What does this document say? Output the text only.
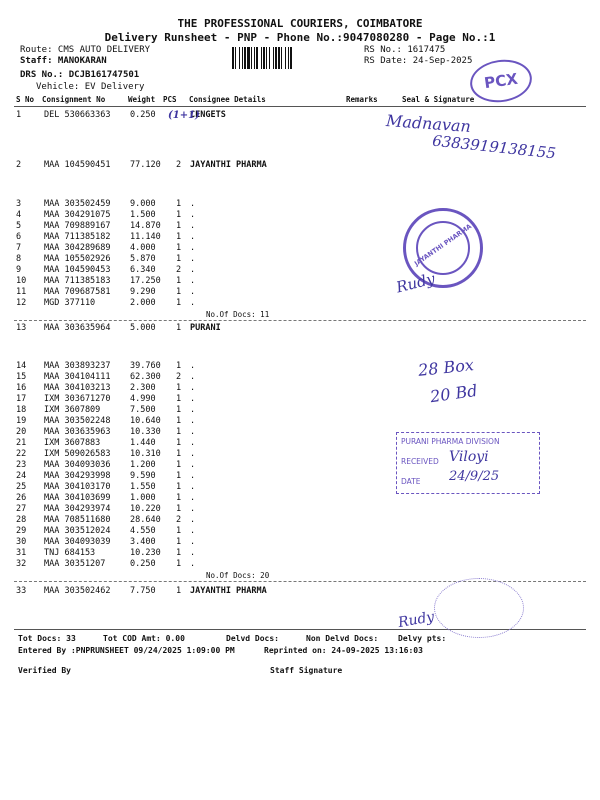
THE PROFESSIONAL COURIERS, COIMBATORE
Delivery Runsheet - PNP - Phone No.:9047080280 - Page No.:1
Route: CMS AUTO DELIVERY
Staff: MANOKARAN
DRS No.: DCJB161747501
Vehicle: EV Delivery
RS No.: 1617475
RS Date: 24-Sep-2025
PCX
S No Consignment No	Weight PCS Consignee Details	Remarks	Seal & Signature
1	DEL 530663363 0.250	CENGETS
2	MAA 104590451 77.120 2 JAYANTHI PHARMA
3	MAA 303502459 9.000 1 .
4	MAA 304291075 1.500 1 .
5	MAA 709889167 14.870 1 .
6	MAA 711385182 11.140 1 .
7	MAA 304289689 4.000 1 .
8	MAA 105502926 5.870 1 .
9	MAA 104590453 6.340 2 .
10 MAA 711385183 17.250 1 .
11 MAA 709687581 9.290 1 .
12 MGD 377110	2.000 1 .
13 MAA 303635964 5.000 1 PURANI
14 MAA 303893237 39.760 1 .
15 MAA 304104111 62.300 2 .
16 MAA 304103213 2.300 1 .
17 IXM 303671270 4.990 1 .
18 IXM 3607809	7.500 1 .
19 MAA 303502248 10.640 1 .
20 MAA 303635963 10.330 1 .
21 IXM 3607883	1.440 1 .
22 IXM 509026583 10.310 1 .
23 MAA 304093036 1.200 1 .
24 MAA 304293998 9.590 1 .
25 MAA 304103170 1.550 1 .
26 MAA 304103699 1.000 1 .
27 MAA 304293974 10.220 1 .
28 MAA 708511680 28.640 2 .
29 MAA 303512024 4.550 1 .
30 MAA 304093039 3.400 1 .
31 TNJ 684153	10.230 1 .
32 MAA 30351207	0.250 1 .
33 MAA 303502462 7.750 1 JAYANTHI PHARMA
No.Of Docs: 11
No.Of Docs: 20
(1+1)	Madnavan
6383919138155
28 Box
20 Bd
JAYANTHI PHARMA
Rudy
PURANI PHARMA DIVISION
RECEIVED Viloyi
DATE 24/9/25
Rudy
Tot Docs: 33	Tot COD Amt: 0.00	Delvd Docs:	Non Delvd Docs: Delvy pts:
Entered By :PNPRUNSHEET 09/24/2025 1:09:00 PM	Reprinted on: 24-09-2025 13:16:03
Verified By	Staff Signature
